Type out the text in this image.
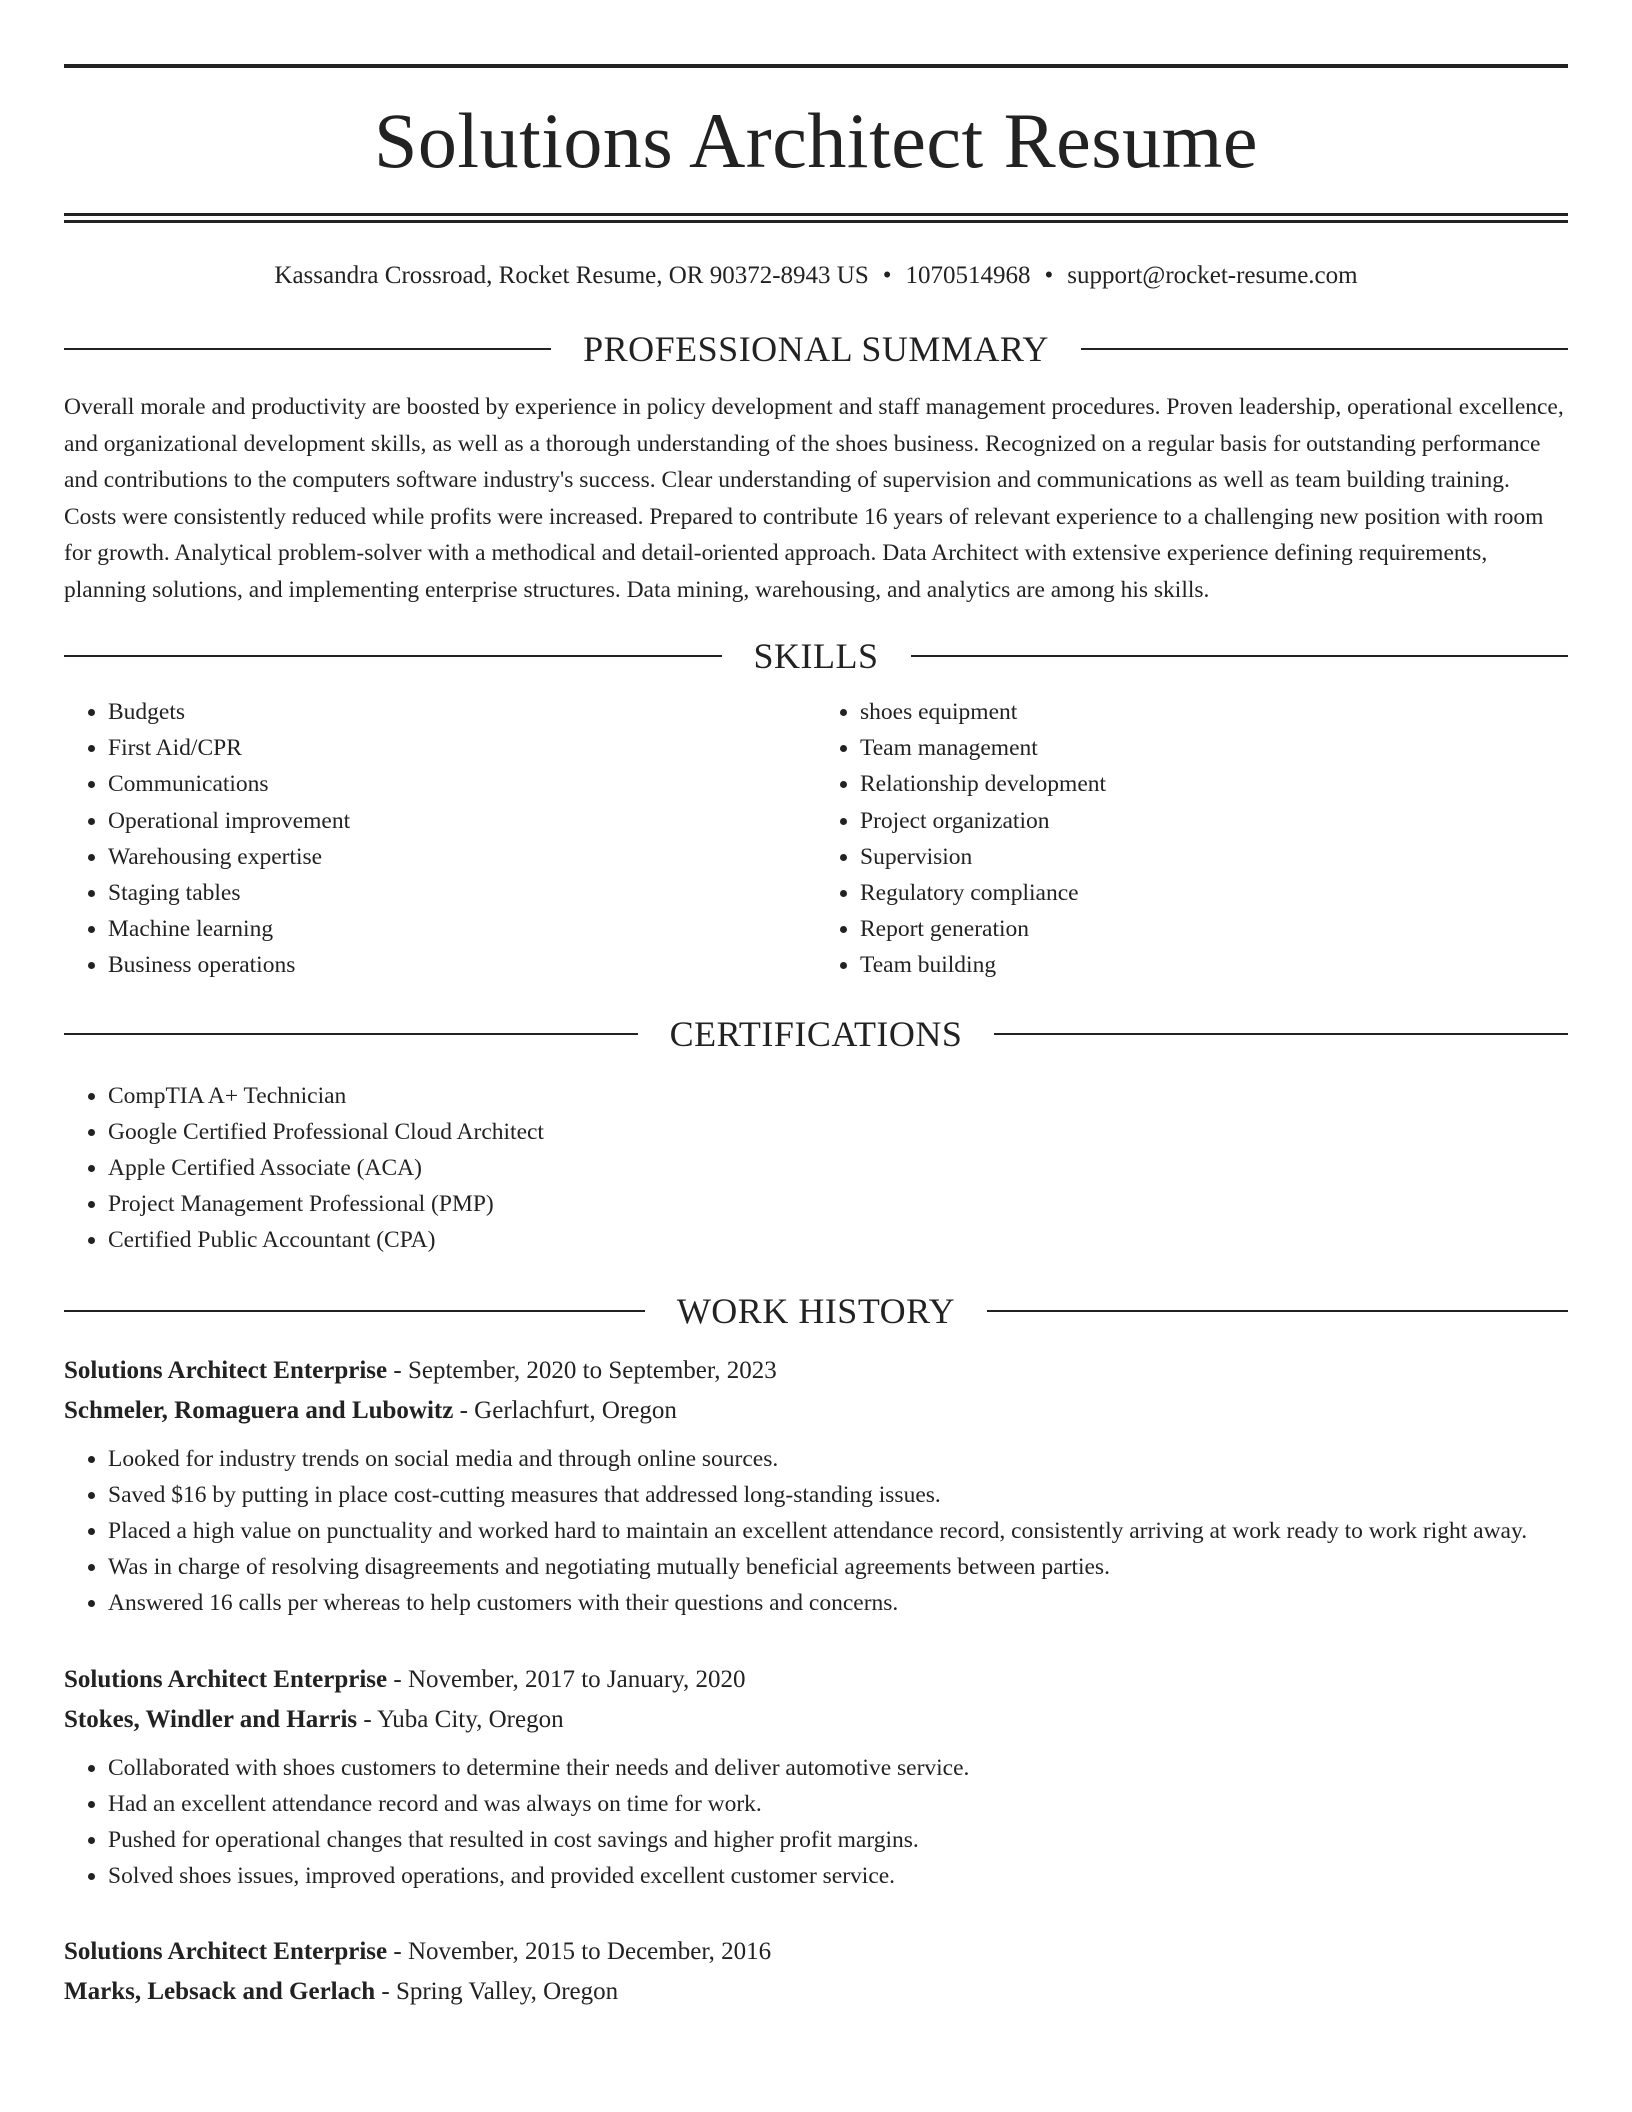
Solutions Architect Resume
Kassandra Crossroad, Rocket Resume, OR 90372-8943 US • 1070514968 • support@rocket-resume.com
PROFESSIONAL SUMMARY

Overall morale and productivity are boosted by experience in policy development and staff management procedures. Proven leadership, operational excellence, and organizational development skills, as well as a thorough understanding of the shoes business. Recognized on a regular basis for outstanding performance and contributions to the computers software industry's success. Clear understanding of supervision and communications as well as team building training. Costs were consistently reduced while profits were increased. Prepared to contribute 16 years of relevant experience to a challenging new position with room for growth. Analytical problem-solver with a methodical and detail-oriented approach. Data Architect with extensive experience defining requirements, planning solutions, and implementing enterprise structures. Data mining, warehousing, and analytics are among his skills.

SKILLS
• Budgets
• First Aid/CPR
• Communications
• Operational improvement
• Warehousing expertise
• Staging tables
• Machine learning
• Business operations
• shoes equipment
• Team management
• Relationship development
• Project organization
• Supervision
• Regulatory compliance
• Report generation
• Team building
CERTIFICATIONS
• CompTIA A+ Technician
• Google Certified Professional Cloud Architect
• Apple Certified Associate (ACA)
• Project Management Professional (PMP)
• Certified Public Accountant (CPA)
WORK HISTORY
Solutions Architect Enterprise - September, 2020 to September, 2023
Schmeler, Romaguera and Lubowitz - Gerlachfurt, Oregon
• Looked for industry trends on social media and through online sources.
• Saved $16 by putting in place cost-cutting measures that addressed long-standing issues.
• Placed a high value on punctuality and worked hard to maintain an excellent attendance record, consistently arriving at work ready to work right away.
• Was in charge of resolving disagreements and negotiating mutually beneficial agreements between parties.
• Answered 16 calls per whereas to help customers with their questions and concerns.
Solutions Architect Enterprise - November, 2017 to January, 2020
Stokes, Windler and Harris - Yuba City, Oregon
• Collaborated with shoes customers to determine their needs and deliver automotive service.
• Had an excellent attendance record and was always on time for work.
• Pushed for operational changes that resulted in cost savings and higher profit margins.
• Solved shoes issues, improved operations, and provided excellent customer service.
Solutions Architect Enterprise - November, 2015 to December, 2016
Marks, Lebsack and Gerlach - Spring Valley, Oregon
